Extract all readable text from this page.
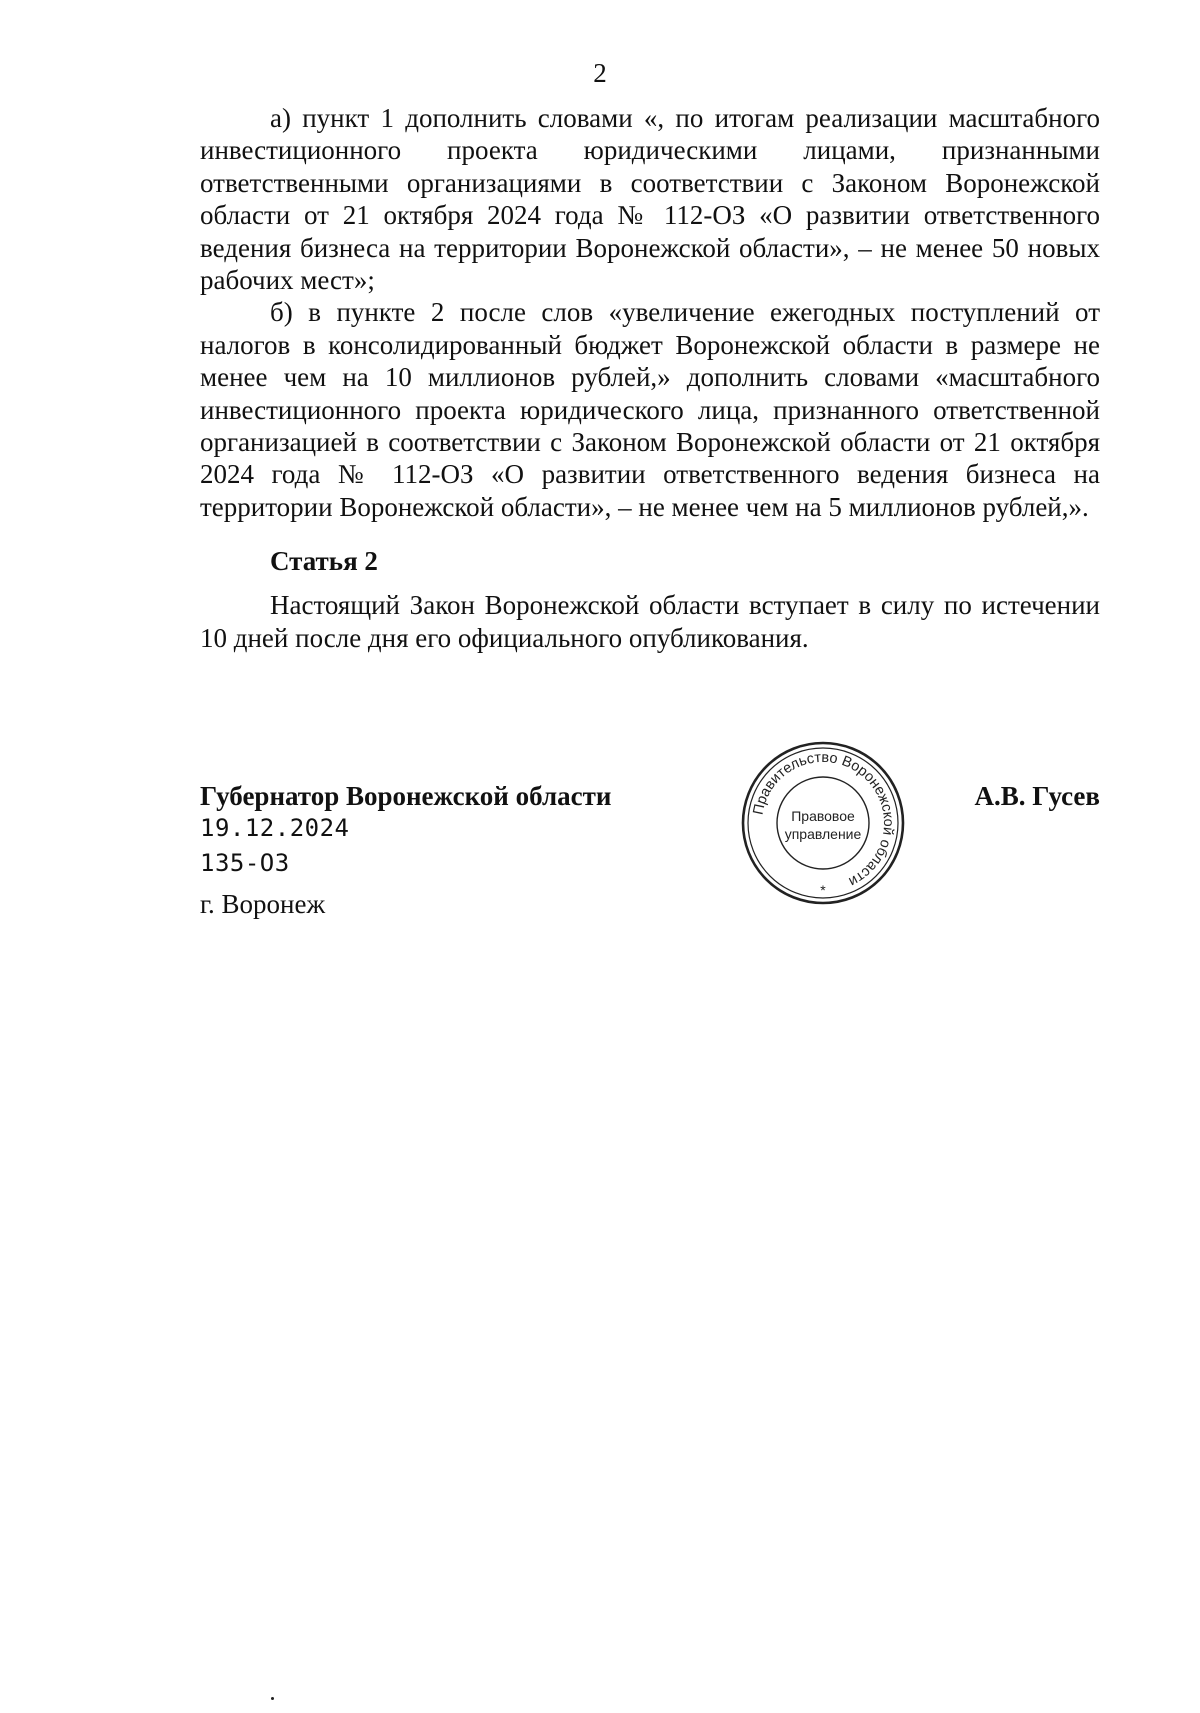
2

а) пункт 1 дополнить словами «, по итогам реализации масштабного инвестиционного проекта юридическими лицами, признанными ответственными организациями в соответствии с Законом Воронежской области от 21 октября 2024 года № 112-ОЗ «О развитии ответственного ведения бизнеса на территории Воронежской области», – не менее 50 новых рабочих мест»;

б) в пункте 2 после слов «увеличение ежегодных поступлений от налогов в консолидированный бюджет Воронежской области в размере не менее чем на 10 миллионов рублей,» дополнить словами «масштабного инвестиционного проекта юридического лица, признанного ответственной организацией в соответствии с Законом Воронежской области от 21 октября 2024 года № 112-ОЗ «О развитии ответственного ведения бизнеса на территории Воронежской области», – не менее чем на 5 миллионов рублей,».

Статья 2

Настоящий Закон Воронежской области вступает в силу по истечении 10 дней после дня его официального опубликования.

Губернатор Воронежской области	А.В. Гусев
19.12.2024
135-ОЗ
г. Воронеж
Правительство Воронежской области
Правовое
управление
*
